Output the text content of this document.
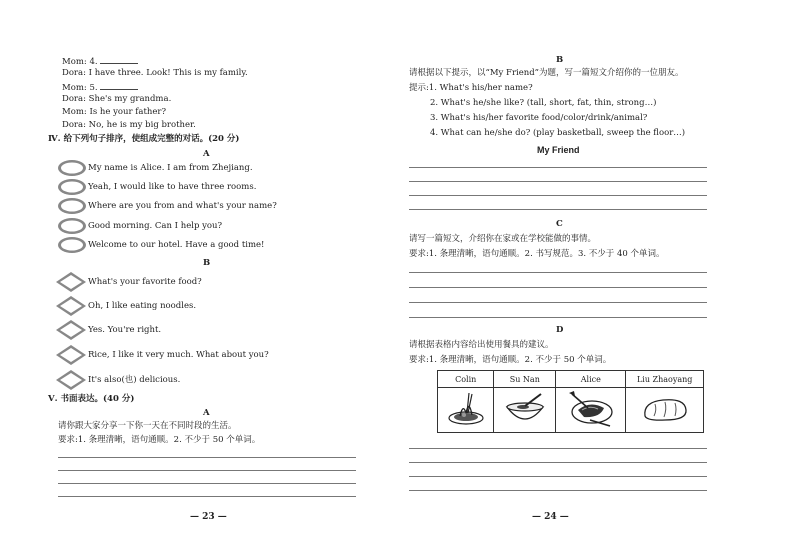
Mom: 4.
Dora: I have three. Look! This is my family.
Mom: 5.
Dora: She's my grandma.
Mom: Is he your father?
Dora: No, he is my big brother.
Ⅳ. 给下列句子排序，使组成完整的对话。(20 分)
A
My name is Alice. I am from Zhejiang.
Yeah, I would like to have three rooms.
Where are you from and what's your name?
Good morning. Can I help you?
Welcome to our hotel. Have a good time!
B
What's your favorite food?
Oh, I like eating noodles.
Yes. You're right.
Rice, I like it very much. What about you?
It's also(也) delicious.
Ⅴ. 书面表达。(40 分)
A
请你跟大家分享一下你一天在不同时段的生活。
要求:1. 条理清晰，语句通顺。2. 不少于 50 个单词。
— 23 —
B
请根据以下提示，以“My Friend”为题，写一篇短文介绍你的一位朋友。
提示:1. What's his/her name?
2. What's he/she like? (tall, short, fat, thin, strong…)
3. What's his/her favorite food/color/drink/animal?
4. What can he/she do? (play basketball, sweep the floor…)
My Friend
C
请写一篇短文，介绍你在家或在学校能做的事情。
要求:1. 条理清晰，语句通顺。2. 书写规范。3. 不少于 40 个单词。
D
请根据表格内容给出使用餐具的建议。
要求:1. 条理清晰，语句通顺。2. 不少于 50 个单词。
Colin	Su Nan	Alice	Liu Zhaoyang

— 24 —
